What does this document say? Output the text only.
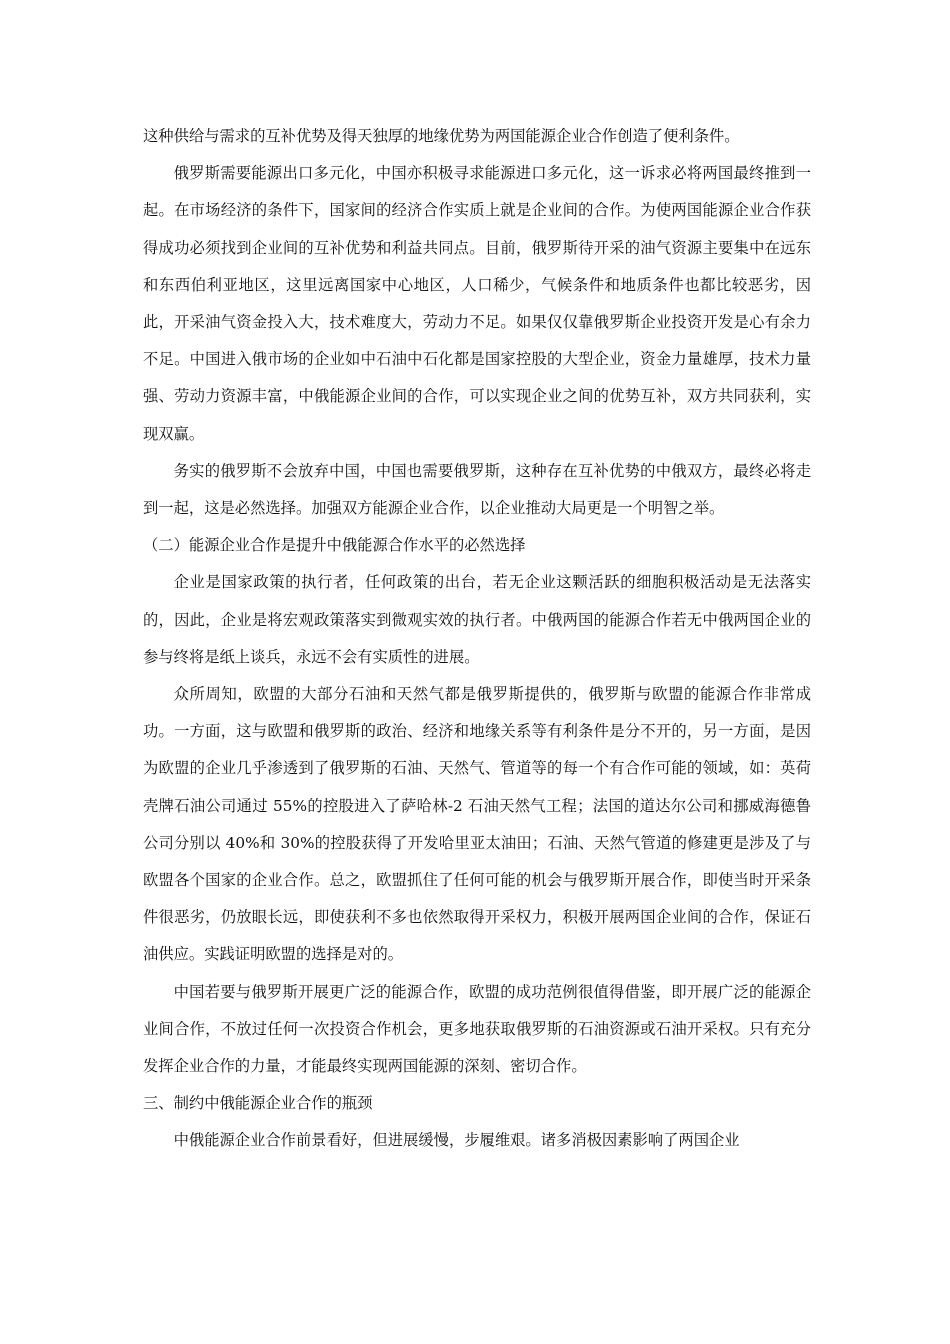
这种供给与需求的互补优势及得天独厚的地缘优势为两国能源企业合作创造了便利条件。

俄罗斯需要能源出口多元化，中国亦积极寻求能源进口多元化，这一诉求必将两国最终推到一起。在市场经济的条件下，国家间的经济合作实质上就是企业间的合作。为使两国能源企业合作获得成功必须找到企业间的互补优势和利益共同点。目前，俄罗斯待开采的油气资源主要集中在远东和东西伯利亚地区，这里远离国家中心地区，人口稀少，气候条件和地质条件也都比较恶劣，因此，开采油气资金投入大，技术难度大，劳动力不足。如果仅仅靠俄罗斯企业投资开发是心有余力不足。中国进入俄市场的企业如中石油中石化都是国家控股的大型企业，资金力量雄厚，技术力量强、劳动力资源丰富，中俄能源企业间的合作，可以实现企业之间的优势互补，双方共同获利，实现双赢。

务实的俄罗斯不会放弃中国，中国也需要俄罗斯，这种存在互补优势的中俄双方，最终必将走到一起，这是必然选择。加强双方能源企业合作，以企业推动大局更是一个明智之举。

（二）能源企业合作是提升中俄能源合作水平的必然选择

企业是国家政策的执行者，任何政策的出台，若无企业这颗活跃的细胞积极活动是无法落实的，因此，企业是将宏观政策落实到微观实效的执行者。中俄两国的能源合作若无中俄两国企业的参与终将是纸上谈兵，永远不会有实质性的进展。

众所周知，欧盟的大部分石油和天然气都是俄罗斯提供的，俄罗斯与欧盟的能源合作非常成功。一方面，这与欧盟和俄罗斯的政治、经济和地缘关系等有利条件是分不开的，另一方面，是因为欧盟的企业几乎渗透到了俄罗斯的石油、天然气、管道等的每一个有合作可能的领域，如：英荷壳牌石油公司通过 55%的控股进入了萨哈林-2 石油天然气工程；法国的道达尔公司和挪威海德鲁公司分别以 40%和 30%的控股获得了开发哈里亚太油田；石油、天然气管道的修建更是涉及了与欧盟各个国家的企业合作。总之，欧盟抓住了任何可能的机会与俄罗斯开展合作，即使当时开采条件很恶劣，仍放眼长远，即使获利不多也依然取得开采权力，积极开展两国企业间的合作，保证石油供应。实践证明欧盟的选择是对的。

中国若要与俄罗斯开展更广泛的能源合作，欧盟的成功范例很值得借鉴，即开展广泛的能源企业间合作，不放过任何一次投资合作机会，更多地获取俄罗斯的石油资源或石油开采权。只有充分发挥企业合作的力量，才能最终实现两国能源的深刻、密切合作。

三、制约中俄能源企业合作的瓶颈

中俄能源企业合作前景看好，但进展缓慢，步履维艰。诸多消极因素影响了两国企业
